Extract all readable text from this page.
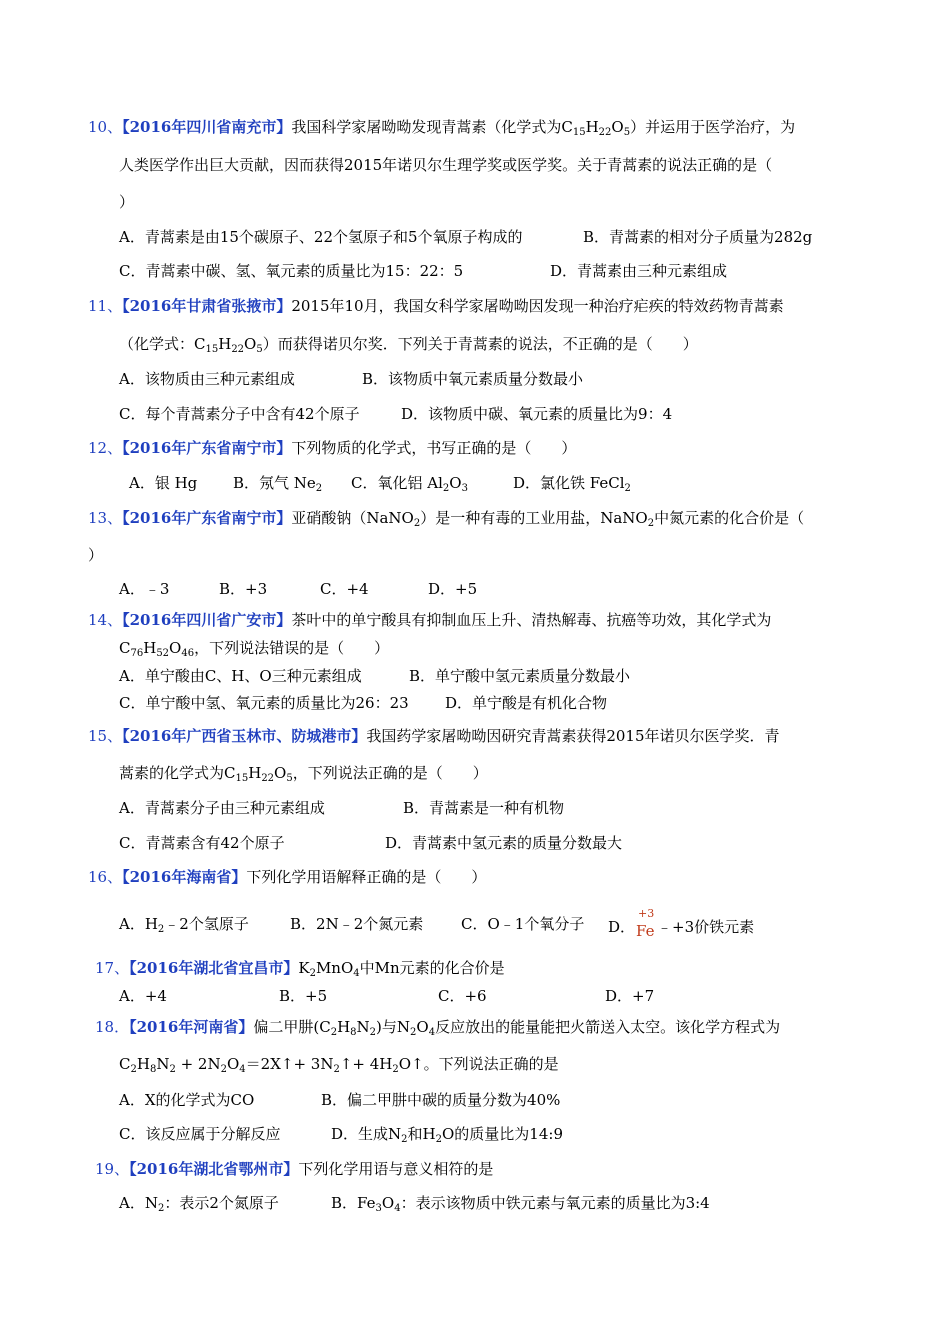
10、【2016年四川省南充市】我国科学家屠呦呦发现青蒿素（化学式为$C_{15}H_{22}O_5$）并运用于医学治疗，为
人类医学作出巨大贡献，因而获得2015年诺贝尔生理学奖或医学奖。关于青蒿素的说法正确的是（
）
A．青蒿素是由15个碳原子、22个氢原子和5个氧原子构成的	B．青蒿素的相对分子质量为282g
C．青蒿素中碳、氢、氧元素的质量比为15：22：5	D．青蒿素由三种元素组成
11、【2016年甘肃省张掖市】2015年10月，我国女科学家屠呦呦因发现一种治疗疟疾的特效药物青蒿素
（化学式：$C_{15}H_{22}O_5$）而获得诺贝尔奖．下列关于青蒿素的说法，不正确的是（　　）
A．该物质由三种元素组成	B．该物质中氧元素质量分数最小
C．每个青蒿素分子中含有42个原子	D．该物质中碳、氧元素的质量比为9：4
12、【2016年广东省南宁市】下列物质的化学式，书写正确的是（　　）
A．银 Hg B．氖气 $Ne_2$ C．氧化铝 $Al_2O_3$	D．氯化铁 FeCl$_2$
13、【2016年广东省南宁市】亚硝酸钠（NaNO$_2$）是一种有毒的工业用盐，NaNO$_2$中氮元素的化合价是（
）
A．﹣3	B．+3	C．+4	D．+5
14、【2016年四川省广安市】茶叶中的单宁酸具有抑制血压上升、清热解毒、抗癌等功效，其化学式为
$C_{76}H_{52}O_{46}$，下列说法错误的是（　　）
A．单宁酸由C、H、O三种元素组成	B．单宁酸中氢元素质量分数最小
C．单宁酸中氢、氧元素的质量比为26：23 D．单宁酸是有机化合物
15、【2016年广西省玉林市、防城港市】我国药学家屠呦呦因研究青蒿素获得2015年诺贝尔医学奖．青
蒿素的化学式为$C_{15}H_{22}O_5$，下列说法正确的是（　　）
A．青蒿素分子由三种元素组成	B．青蒿素是一种有机物
C．青蒿素含有42个原子	D．青蒿素中氢元素的质量分数最大
16、【2016年海南省】下列化学用语解释正确的是（　　）
A．$H_2﹣2$个氢原子	B．2N﹣2个氮元素	C．O﹣1个氧分子 D．
+3
Fe ﹣+3价铁元素
17、【2016年湖北省宜昌市】$K_2MnO_4$中Mn元素的化合价是
A．+4	B．+5	C．+6	D．+7
18．【2016年河南省】偏二甲肼$(C_2H_8N_2)$与$N_2O_4$反应放出的能量能把火箭送入太空。该化学方程式为
$C_2H_8N_2$ + $2N_2O_4=2X↑+$ $3N_2↑+$ $4H_2O↑$。下列说法正确的是
A．X的化学式为CO	B．偏二甲肼中碳的质量分数为40%
C．该反应属于分解反应	D．生成$N_2$和$H_2O$的质量比为14:9
19、【2016年湖北省鄂州市】下列化学用语与意义相符的是
A．$N_2$：表示2个氮原子	B．$Fe_3O_4$：表示该物质中铁元素与氧元素的质量比为3:4
